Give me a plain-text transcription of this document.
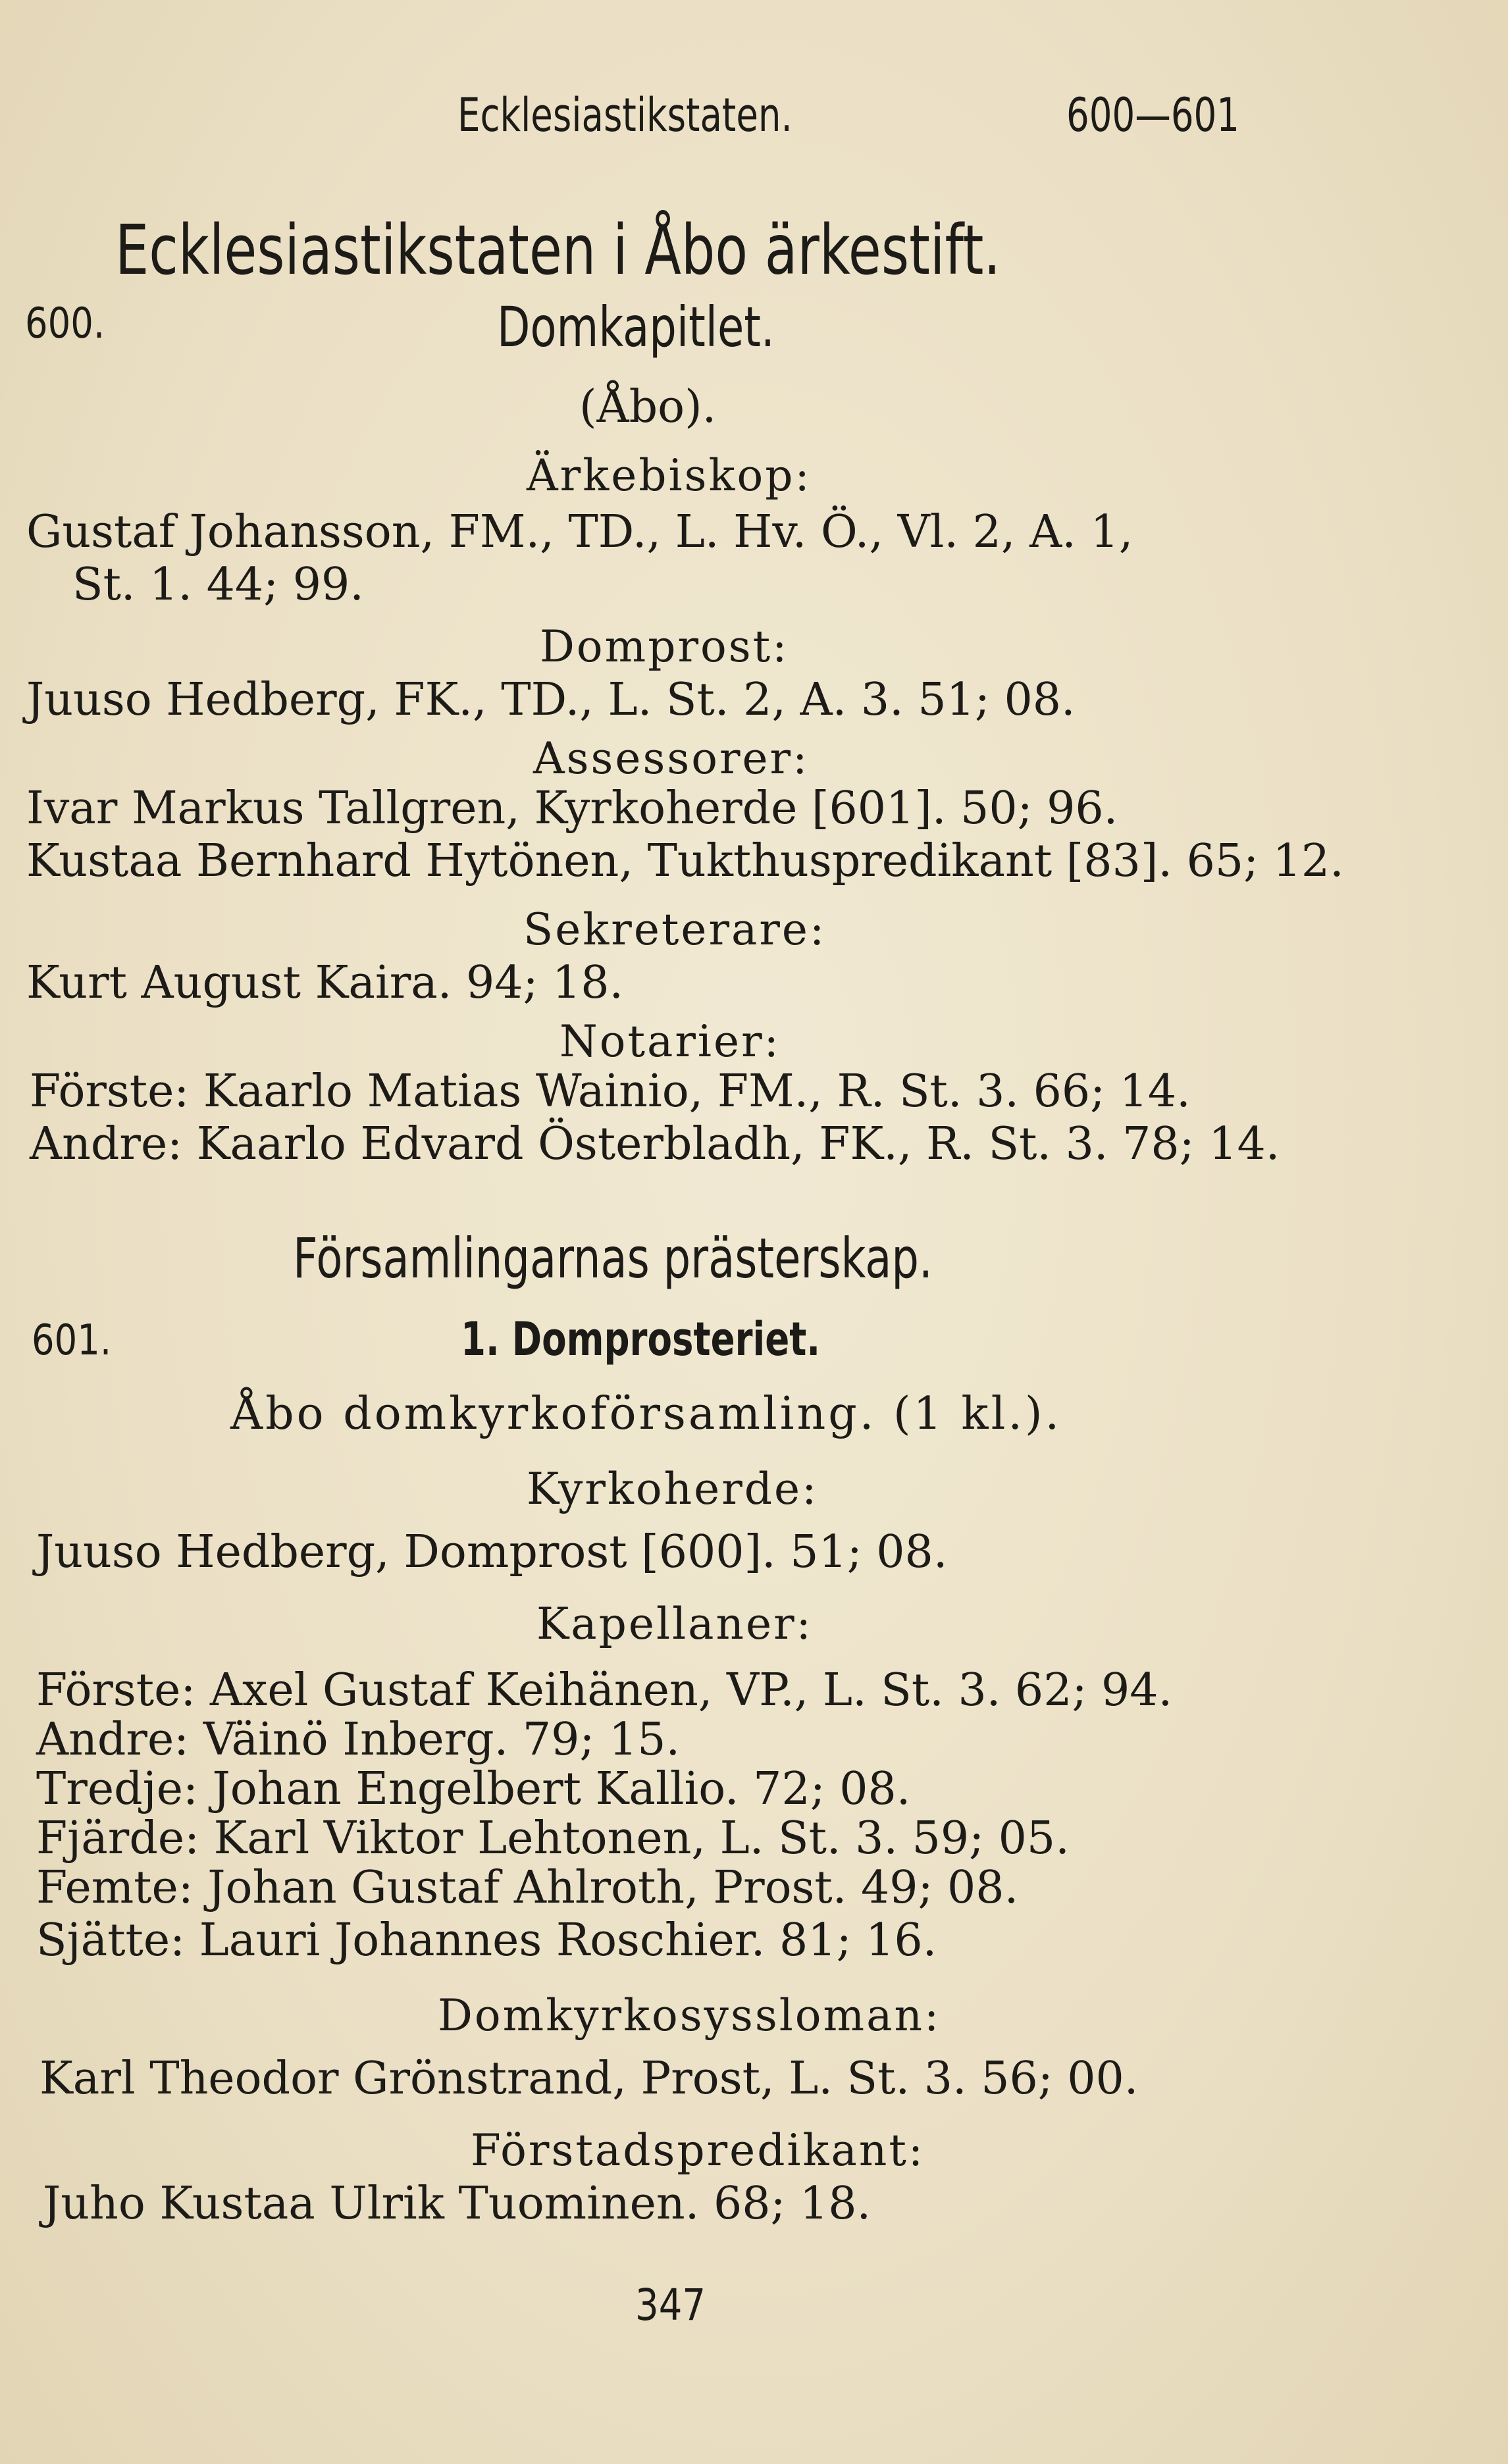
Ecklesiastikstaten.	600—601
Ecklesiastikstaten i Åbo ärkestift.
600.	Domkapitlet.
(Åbo).
Ärkebiskop:
Gustaf Johansson, FM., TD., L. Hv. Ö., Vl. 2, A. 1,
St. 1. 44; 99.
Domprost:
Juuso Hedberg, FK., TD., L. St. 2, A. 3. 51; 08.
Assessorer:
Ivar Markus Tallgren, Kyrkoherde [601]. 50; 96.
Kustaa Bernhard Hytönen, Tukthuspredikant [83]. 65; 12.
Sekreterare:
Kurt August Kaira. 94; 18.
Notarier:
Förste: Kaarlo Matias Wainio, FM., R. St. 3. 66; 14.
Andre: Kaarlo Edvard Österbladh, FK., R. St. 3. 78; 14.
Församlingarnas prästerskap.
601.	1. Domprosteriet.
Åbo domkyrkoförsamling. (1 kl.).
Kyrkoherde:
Juuso Hedberg, Domprost [600]. 51; 08.
Kapellaner:
Förste: Axel Gustaf Keihänen, VP., L. St. 3. 62; 94.
Andre: Väinö Inberg. 79; 15.
Tredje: Johan Engelbert Kallio. 72; 08.
Fjärde: Karl Viktor Lehtonen, L. St. 3. 59; 05.
Femte: Johan Gustaf Ahlroth, Prost. 49; 08.
Sjätte: Lauri Johannes Roschier. 81; 16.
Domkyrkosyssloman:
Karl Theodor Grönstrand, Prost, L. St. 3. 56; 00.
Förstadspredikant:
Juho Kustaa Ulrik Tuominen. 68; 18.
347
